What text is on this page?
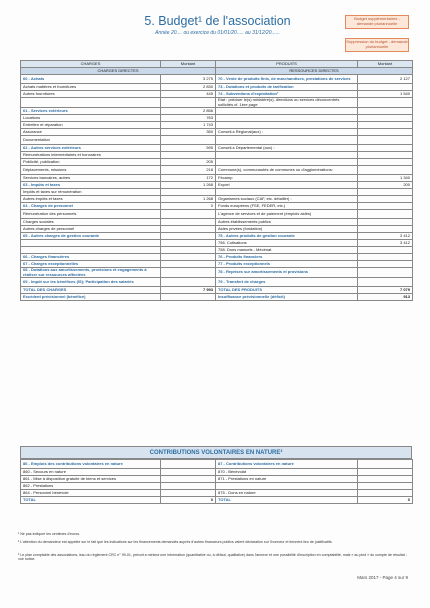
5. Budget¹ de l'association
Année 20.... ou exercice du 01/01/20..... au 31/12/20......
Budget supplémentaires - demande pluriannuelle
Suppression du budget - demande pluriannuelle
CHARGES	Montant	PRODUITS	Montant
CHARGES DIRECTES		RESSOURCES DIRECTES	
60 - Achats	3 275	70 - Vente de produits finis, de marchandises, prestations de services	2 127
Achats matières et fournitures	2 830	73 - Dotations et produits de tarification	
Autres fournitures	445	74 - Subventions d'exploitation²	1 540
		Etat : préciser le(s) ministère(s), directions ou services déconcentrés sollicités cf. 1ère page	
61 - Services extérieurs	2 856		
Locations	763		
Entretien et réparation	1 743		
Assurance	350	Conseil-s Régional(aux) :	
Documentation			
62 - Autres services extérieurs	595	Conseil-s Départemental (aux) :	
Rémunérations intermédiaires et honoraires			
Publicité, publication	205		
Déplacements, missions	218	Commune(s), communautés de communes ou d'agglomérations:	
Services bancaires, autres	172	Fécamp	1 340
63 - Impôts et taxes	1 268	Export	200
Impôts et taxes sur rémunération			
Autres impôts et taxes	1 268	Organismes sociaux (CAF, etc. détailler) :	
64 - Charges de personnel	0	Fonds européens (FSE, FEDER, etc.)	
Rémunération des personnels		L'agence de services et de paiement (emplois aidés)	
Charges sociales		Autres établissements publics	
Autres charges de personnel		Aides privées (fondation)	
65 - Autres charges de gestion courante		75 - Autres produits de gestion courante	3 412
		756. Cotisations	3 412
		758. Dons manuels - Mécénat	
66 - Charges financières		76 - Produits financiers	
67 - Charges exceptionnelles		77 - Produits exceptionnels	
68 - Dotations aux amortissements, provisions et engagements à réaliser sur ressources affectées		78 - Reprises sur amortissements et provisions	
69 - Impôt sur les bénéfices (IS); Participation des salariés		79 - Transfert de charges	
TOTAL DES CHARGES	7 993	TOTAL DES PRODUITS	7 079
Excédent prévisionnel (bénéfice)		Insuffisance prévisionnelle (déficit)	913
CONTRIBUTIONS VOLONTAIRES EN NATURE³
86 - Emplois des contributions volontaires en nature		87 - Contributions volontaires en nature	
860 - Secours en nature		870 - Bénévolat	
861 - Mise à disposition gratuite de biens et services		871 - Prestations en nature	
862 - Prestations			
864 - Personnel bénévole		875 - Dons en nature	
TOTAL	0	TOTAL	0
¹ Ne pas indiquer les centimes d'euros.
² L'attention du demandeur est appelée sur le fait que les indications sur les financements demandés auprès d'autres financeurs publics valent déclaration sur l'honneur et tiennent lieu de justificatifs.
³ Le plan comptable des associations, issu du règlement CRC n° 99-01, prévoit a minima une information (quantitative ou, à défaut, qualitative) dans l'annexe et une possibilité d'inscription en comptabilité, mais « au pied » du compte de résultat ; voir notice.
Mars 2017 - Page 4 sur 9
